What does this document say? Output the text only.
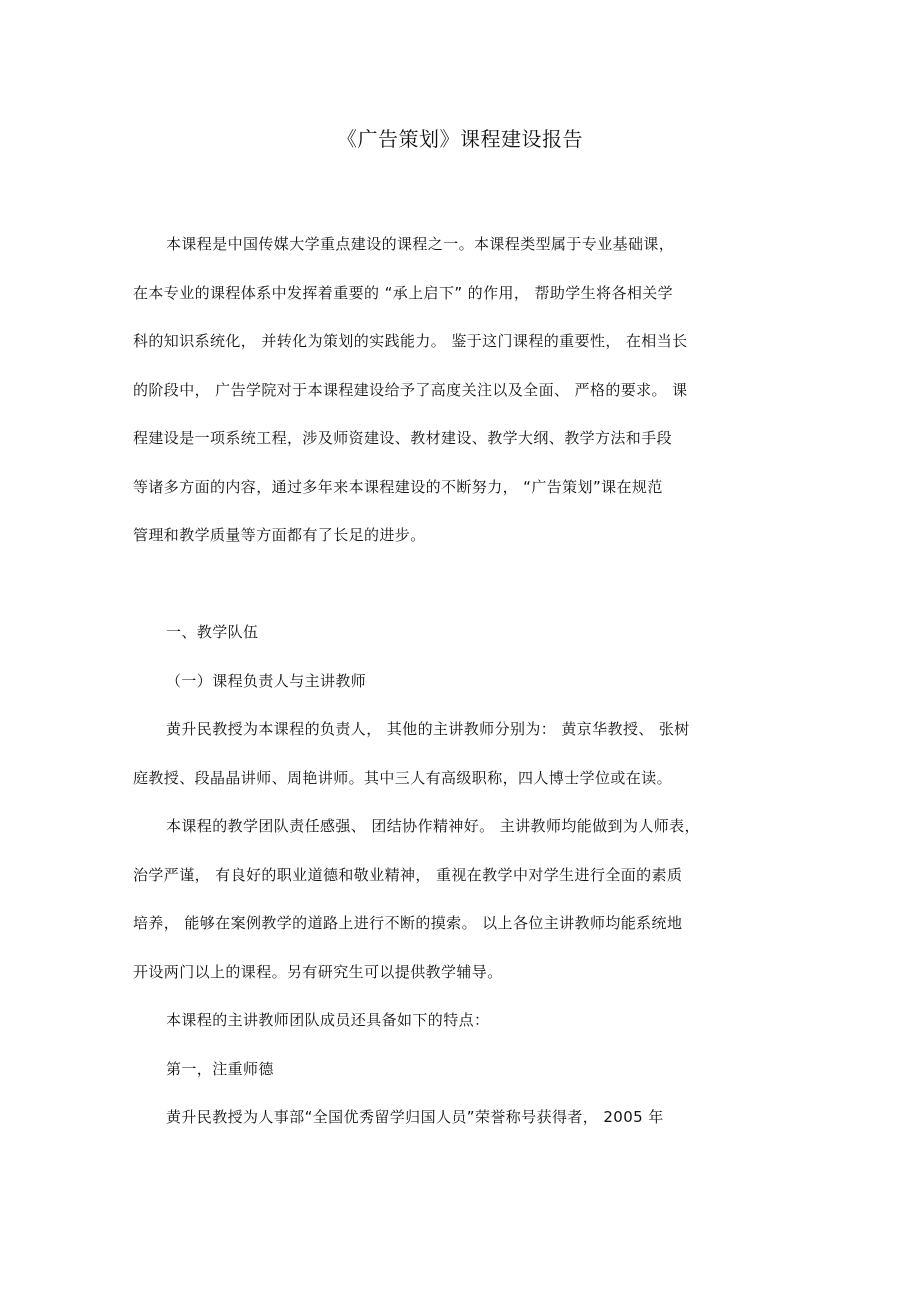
《广告策划》课程建设报告
本课程是中国传媒大学重点建设的课程之一。本课程类型属于专业基础课，
在本专业的课程体系中发挥着重要的 “承上启下” 的作用， 帮助学生将各相关学
科的知识系统化， 并转化为策划的实践能力。 鉴于这门课程的重要性， 在相当长
的阶段中， 广告学院对于本课程建设给予了高度关注以及全面、 严格的要求。 课
程建设是一项系统工程，涉及师资建设、教材建设、教学大纲、教学方法和手段
等诸多方面的内容，通过多年来本课程建设的不断努力， “广告策划”课在规范
管理和教学质量等方面都有了长足的进步。
一、教学队伍
（一）课程负责人与主讲教师
黄升民教授为本课程的负责人， 其他的主讲教师分别为： 黄京华教授、 张树
庭教授、段晶晶讲师、周艳讲师。其中三人有高级职称，四人博士学位或在读。
本课程的教学团队责任感强、 团结协作精神好。 主讲教师均能做到为人师表，
治学严谨， 有良好的职业道德和敬业精神， 重视在教学中对学生进行全面的素质
培养， 能够在案例教学的道路上进行不断的摸索。 以上各位主讲教师均能系统地
开设两门以上的课程。另有研究生可以提供教学辅导。
本课程的主讲教师团队成员还具备如下的特点：
第一，注重师德
黄升民教授为人事部“全国优秀留学归国人员”荣誉称号获得者， 2005 年
